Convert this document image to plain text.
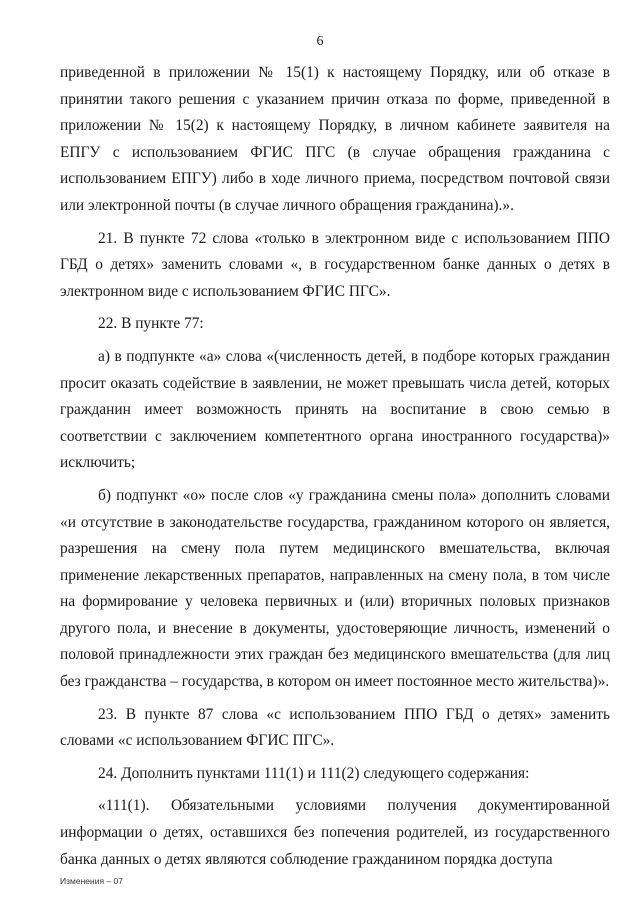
6

приведенной в приложении № 15(1) к настоящему Порядку, или об отказе в принятии такого решения с указанием причин отказа по форме, приведенной в приложении № 15(2) к настоящему Порядку, в личном кабинете заявителя на ЕПГУ с использованием ФГИС ПГС (в случае обращения гражданина с использованием ЕПГУ) либо в ходе личного приема, посредством почтовой связи или электронной почты (в случае личного обращения гражданина).».

21. В пункте 72 слова «только в электронном виде с использованием ППО ГБД о детях» заменить словами «, в государственном банке данных о детях в электронном виде с использованием ФГИС ПГС».

22. В пункте 77:

а) в подпункте «а» слова «(численность детей, в подборе которых гражданин просит оказать содействие в заявлении, не может превышать числа детей, которых гражданин имеет возможность принять на воспитание в свою семью в соответствии с заключением компетентного органа иностранного государства)» исключить;

б) подпункт «о» после слов «у гражданина смены пола» дополнить словами «и отсутствие в законодательстве государства, гражданином которого он является, разрешения на смену пола путем медицинского вмешательства, включая применение лекарственных препаратов, направленных на смену пола, в том числе на формирование у человека первичных и (или) вторичных половых признаков другого пола, и внесение в документы, удостоверяющие личность, изменений о половой принадлежности этих граждан без медицинского вмешательства (для лиц без гражданства – государства, в котором он имеет постоянное место жительства)».

23. В пункте 87 слова «с использованием ППО ГБД о детях» заменить словами «с использованием ФГИС ПГС».

24. Дополнить пунктами 111(1) и 111(2) следующего содержания:

«111(1). Обязательными условиями получения документированной информации о детях, оставшихся без попечения родителей, из государственного банка данных о детях являются соблюдение гражданином порядка доступа

Изменения – 07
